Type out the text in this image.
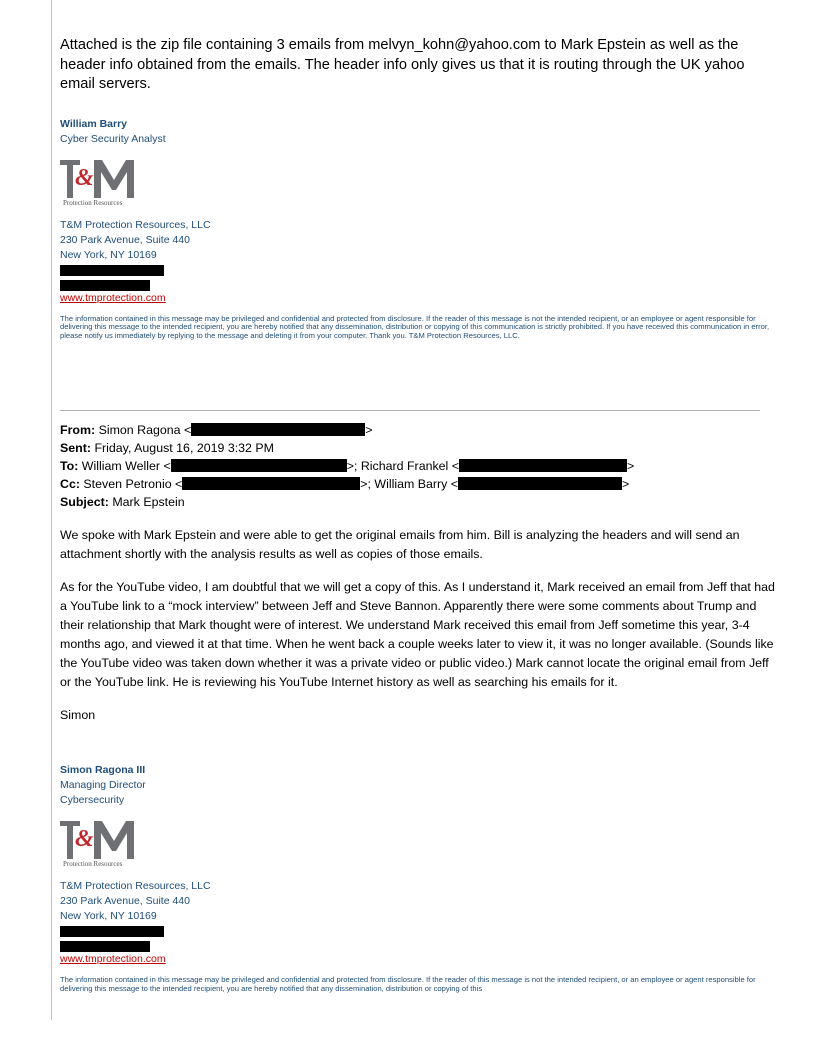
Attached is the zip file containing 3 emails from melvyn_kohn@yahoo.com to Mark Epstein as well as the header info obtained from the emails. The header info only gives us that it is routing through the UK yahoo email servers.

William Barry
Cyber Security Analyst
&
Protection Resources
T&M Protection Resources, LLC
230 Park Avenue, Suite 440
New York, NY 10169
www.tmprotection.com
The information contained in this message may be privileged and confidential and protected from disclosure. If the reader of this message is not the intended recipient, or an employee or agent responsible for delivering this message to the intended recipient, you are hereby notified that any dissemination, distribution or copying of this communication is strictly prohibited. If you have received this communication in error, please notify us immediately by replying to the message and deleting it from your computer. Thank you. T&M Protection Resources, LLC.
From: Simon Ragona <	>
Sent: Friday, August 16, 2019 3:32 PM
To: William Weller <	>; Richard Frankel <	>
Cc: Steven Petronio <	>; William Barry <	>
Subject: Mark Epstein

We spoke with Mark Epstein and were able to get the original emails from him. Bill is analyzing the headers and will send an attachment shortly with the analysis results as well as copies of those emails.

As for the YouTube video, I am doubtful that we will get a copy of this. As I understand it, Mark received an email from Jeff that had a YouTube link to a “mock interview” between Jeff and Steve Bannon. Apparently there were some comments about Trump and their relationship that Mark thought were of interest. We understand Mark received this email from Jeff sometime this year, 3-4 months ago, and viewed it at that time. When he went back a couple weeks later to view it, it was no longer available. (Sounds like the YouTube video was taken down whether it was a private video or public video.) Mark cannot locate the original email from Jeff or the YouTube link. He is reviewing his YouTube Internet history as well as searching his emails for it.

Simon

Simon Ragona III
Managing Director
Cybersecurity
&
Protection Resources
T&M Protection Resources, LLC
230 Park Avenue, Suite 440
New York, NY 10169
www.tmprotection.com
The information contained in this message may be privileged and confidential and protected from disclosure. If the reader of this message is not the intended recipient, or an employee or agent responsible for delivering this message to the intended recipient, you are hereby notified that any dissemination, distribution or copying of this
